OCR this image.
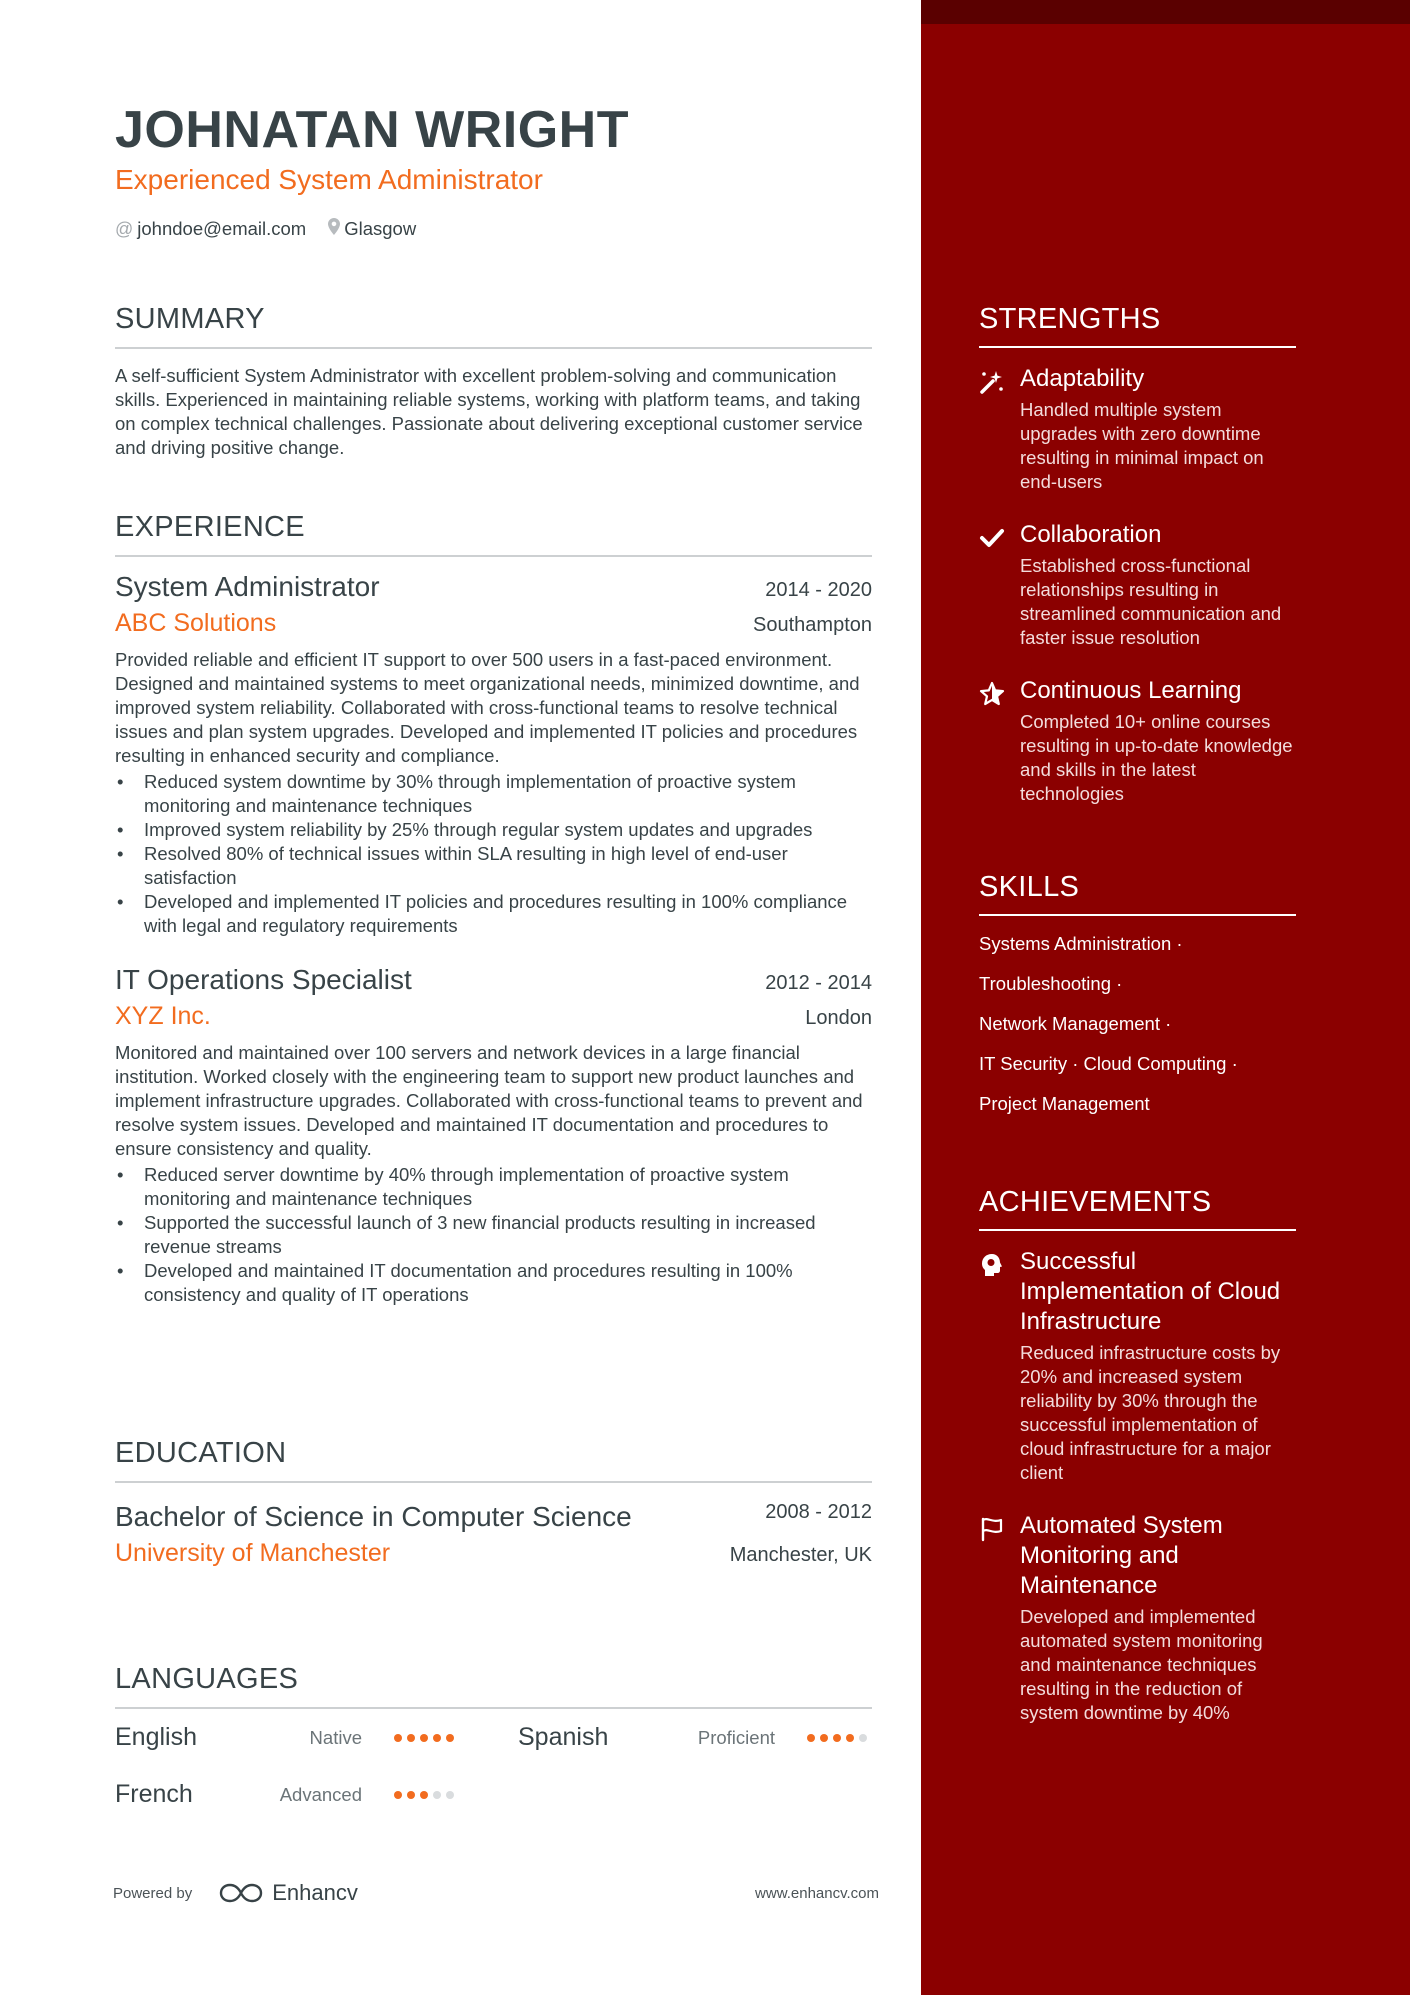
JOHNATAN WRIGHT
Experienced System Administrator
@ johndoe@email.com Glasgow
SUMMARY

A self-sufficient System Administrator with excellent problem-solving and communication skills. Experienced in maintaining reliable systems, working with platform teams, and taking on complex technical challenges. Passionate about delivering exceptional customer service and driving positive change.

EXPERIENCE
System Administrator	2014 - 2020
ABC Solutions	Southampton

Provided reliable and efficient IT support to over 500 users in a fast-paced environment. Designed and maintained systems to meet organizational needs, minimized downtime, and improved system reliability. Collaborated with cross-functional teams to resolve technical issues and plan system upgrades. Developed and implemented IT policies and procedures resulting in enhanced security and compliance.

• Reduced system downtime by 30% through implementation of proactive system monitoring and maintenance techniques
• Improved system reliability by 25% through regular system updates and upgrades
• Resolved 80% of technical issues within SLA resulting in high level of end-user satisfaction
• Developed and implemented IT policies and procedures resulting in 100% compliance with legal and regulatory requirements
IT Operations Specialist	2012 - 2014
XYZ Inc.	London

Monitored and maintained over 100 servers and network devices in a large financial institution. Worked closely with the engineering team to support new product launches and implement infrastructure upgrades. Collaborated with cross-functional teams to prevent and resolve system issues. Developed and maintained IT documentation and procedures to ensure consistency and quality.

• Reduced server downtime by 40% through implementation of proactive system monitoring and maintenance techniques
• Supported the successful launch of 3 new financial products resulting in increased revenue streams
• Developed and maintained IT documentation and procedures resulting in 100% consistency and quality of IT operations
EDUCATION
Bachelor of Science in Computer Science	2008 - 2012
University of Manchester	Manchester, UK
LANGUAGES
English	Native	Spanish	Proficient
French	Advanced
Powered by	Enhancv	www.enhancv.com
STRENGTHS
Adaptability
Handled multiple system upgrades with zero downtime resulting in minimal impact on end-users
Collaboration
Established cross-functional relationships resulting in streamlined communication and faster issue resolution
Continuous Learning
Completed 10+ online courses resulting in up-to-date knowledge and skills in the latest technologies
SKILLS
Systems Administration ·
Troubleshooting ·
Network Management ·
IT Security · Cloud Computing ·
Project Management
ACHIEVEMENTS
Successful Implementation of Cloud Infrastructure
Reduced infrastructure costs by 20% and increased system reliability by 30% through the successful implementation of cloud infrastructure for a major client
Automated System Monitoring and Maintenance
Developed and implemented automated system monitoring and maintenance techniques resulting in the reduction of system downtime by 40%
